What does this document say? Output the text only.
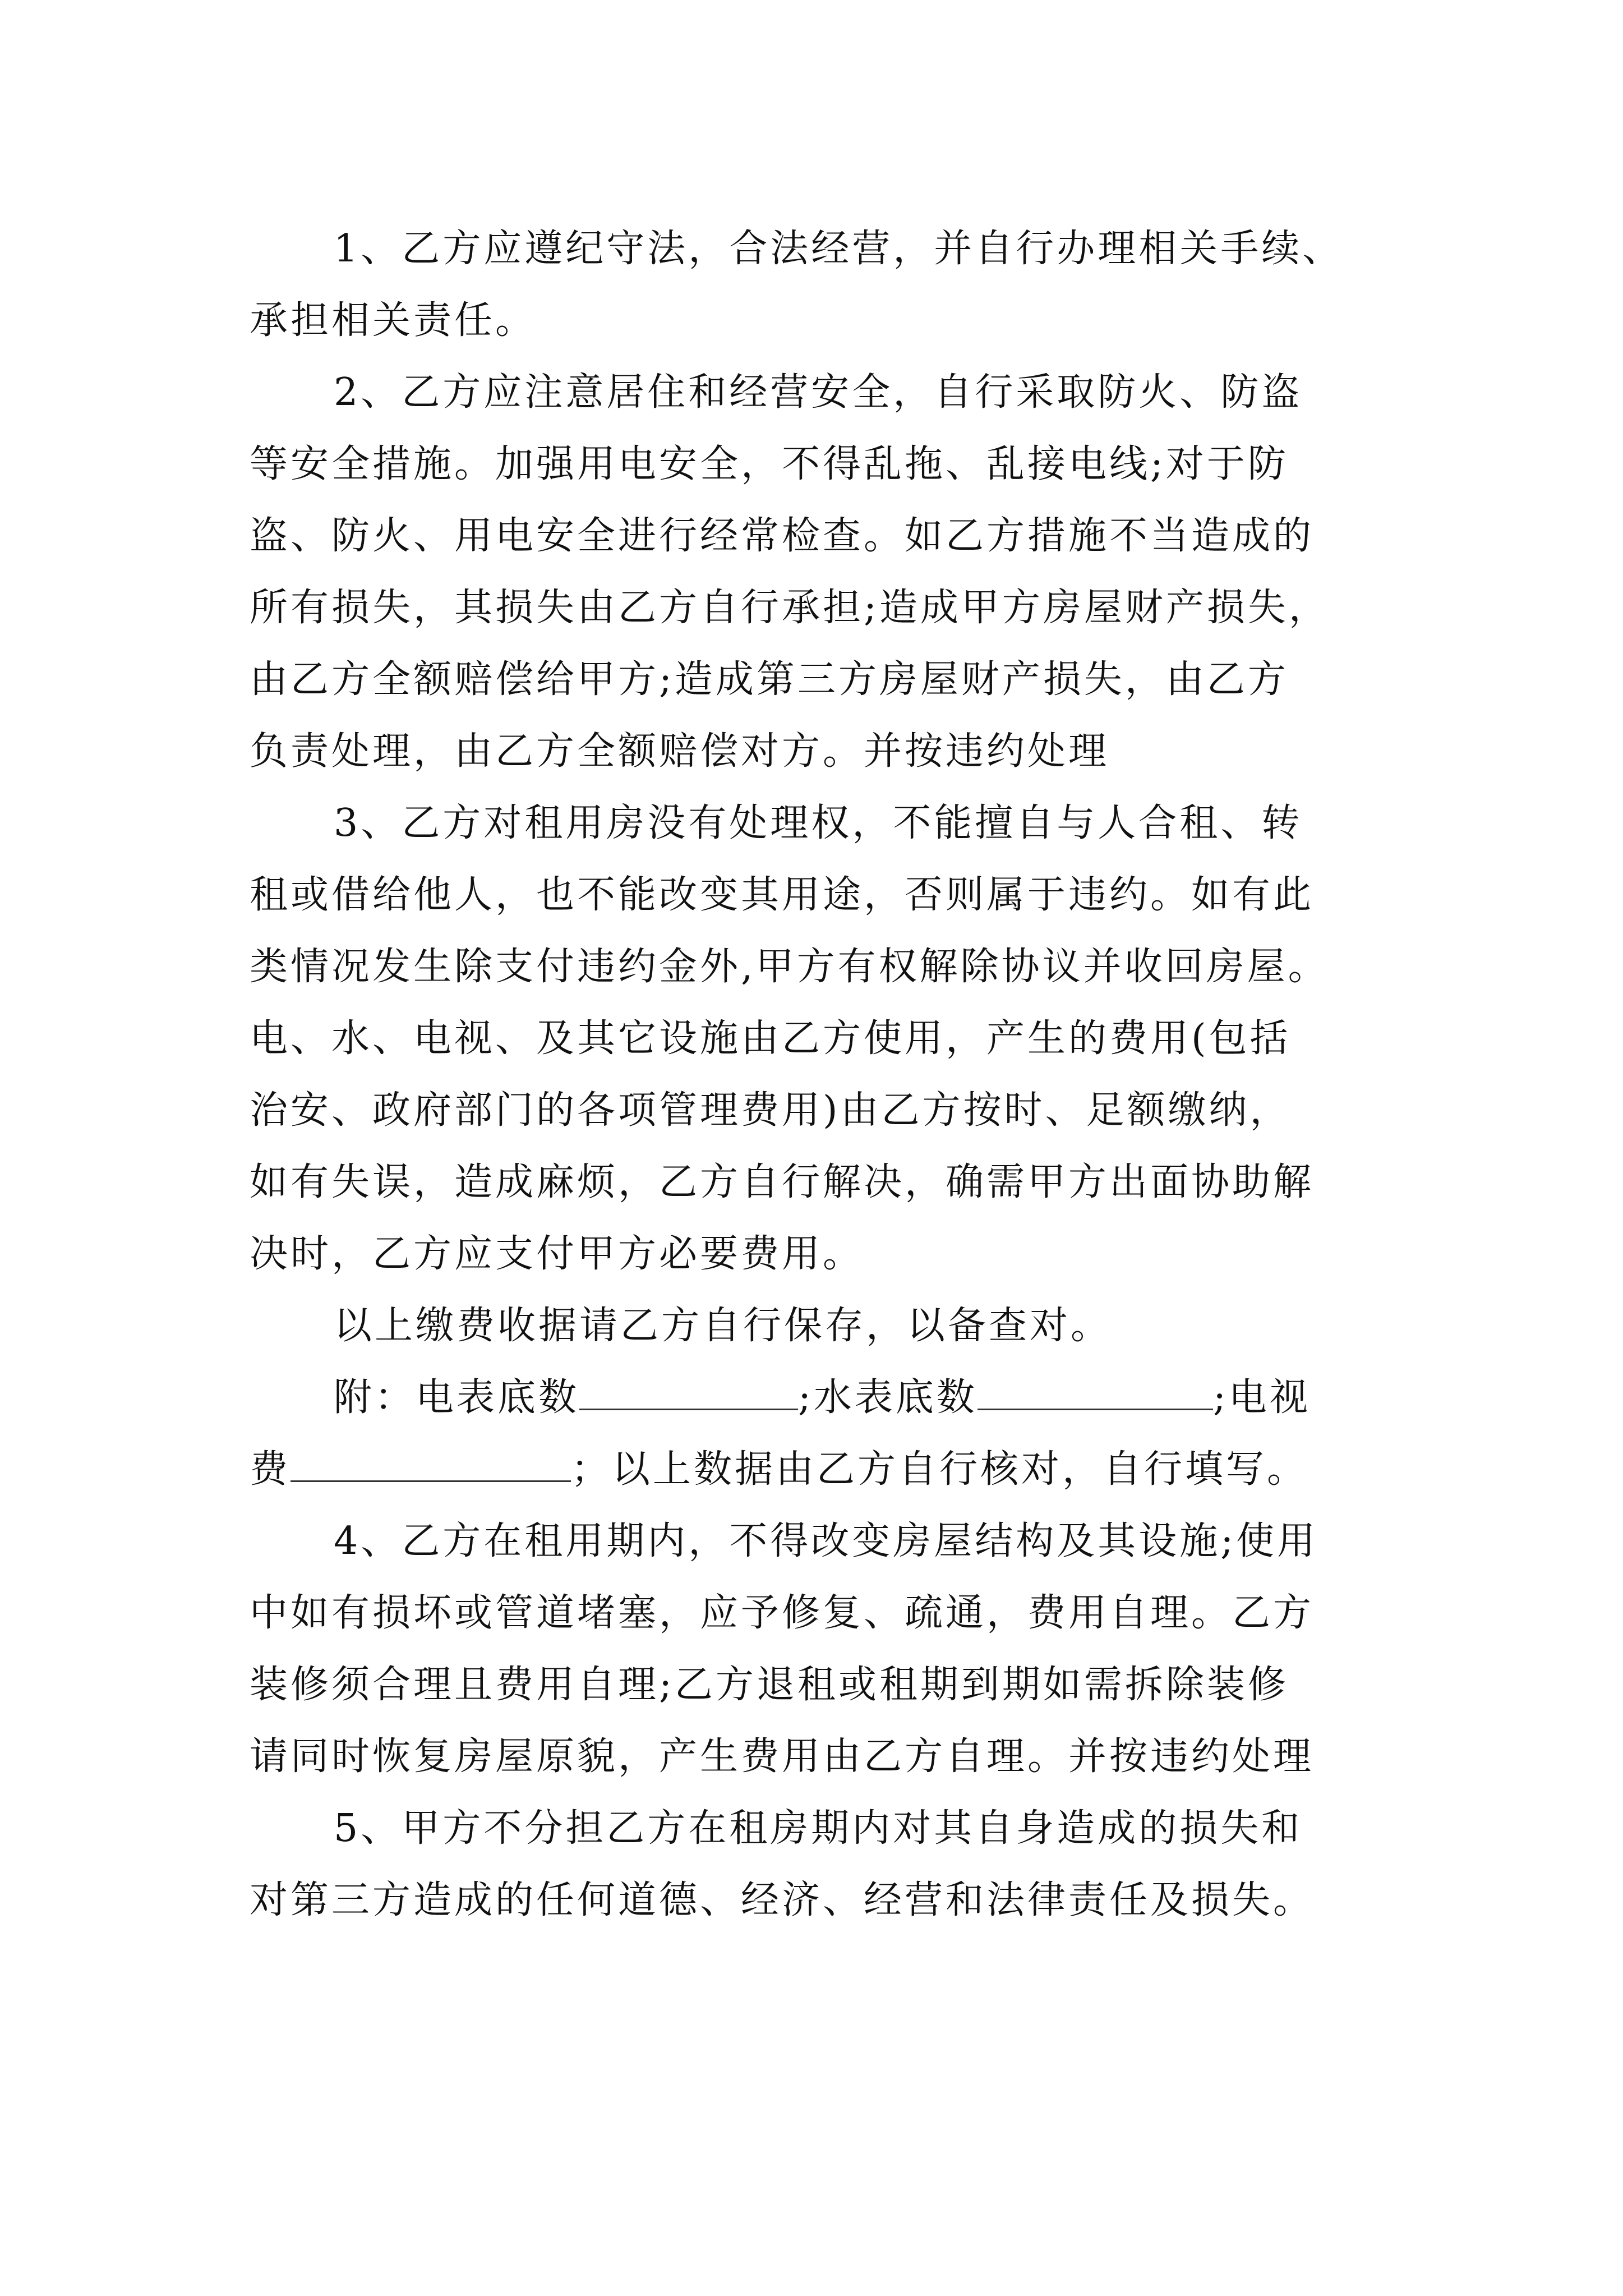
1、乙方应遵纪守法，合法经营，并自行办理相关手续、
承担相关责任。
2、乙方应注意居住和经营安全，自行采取防火、防盗
等安全措施。加强用电安全，不得乱拖、乱接电线;对于防
盗、防火、用电安全进行经常检查。如乙方措施不当造成的
所有损失，其损失由乙方自行承担;造成甲方房屋财产损失，
由乙方全额赔偿给甲方;造成第三方房屋财产损失，由乙方
负责处理，由乙方全额赔偿对方。并按违约处理
3、乙方对租用房没有处理权，不能擅自与人合租、转
租或借给他人，也不能改变其用途，否则属于违约。如有此
类情况发生除支付违约金外,甲方有权解除协议并收回房屋。
电、水、电视、及其它设施由乙方使用，产生的费用(包括
治安、政府部门的各项管理费用)由乙方按时、足额缴纳，
如有失误，造成麻烦，乙方自行解决，确需甲方出面协助解
决时，乙方应支付甲方必要费用。
以上缴费收据请乙方自行保存，以备查对。
附：电表底数	;水表底数	;电视
费	；以上数据由乙方自行核对，自行填写。
4、乙方在租用期内，不得改变房屋结构及其设施;使用
中如有损坏或管道堵塞，应予修复、疏通，费用自理。乙方
装修须合理且费用自理;乙方退租或租期到期如需拆除装修
请同时恢复房屋原貌，产生费用由乙方自理。并按违约处理
5、甲方不分担乙方在租房期内对其自身造成的损失和
对第三方造成的任何道德、经济、经营和法律责任及损失。
